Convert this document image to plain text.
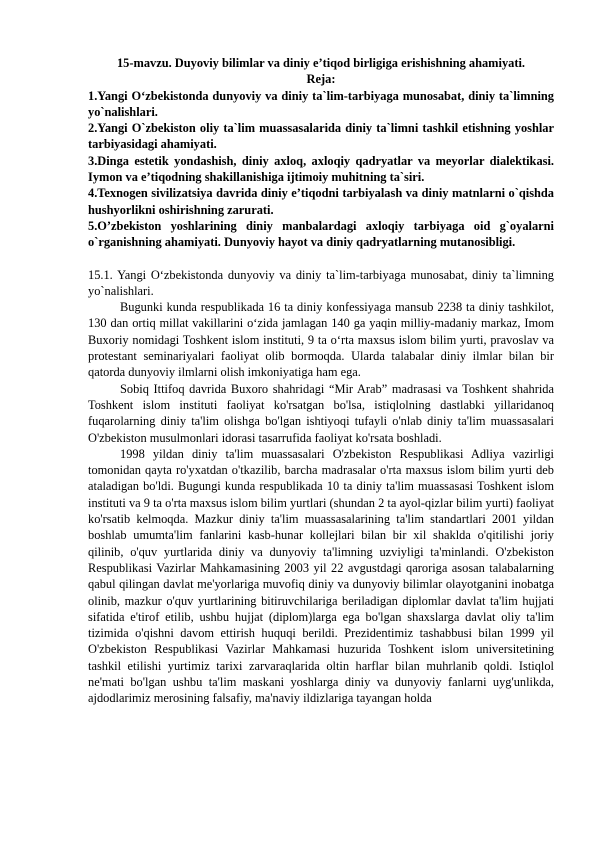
15-mavzu. Duyoviy bilimlar va diniy e’tiqod birligiga erishishning ahamiyati.

Reja:

1.Yangi O‘zbekistonda dunyoviy va diniy ta`lim-tarbiyaga munosabat, diniy ta`limning yo`nalishlari.
2.Yangi O`zbekiston oliy ta`lim muassasalarida diniy ta`limni tashkil etishning yoshlar tarbiyasidagi ahamiyati.
3.Dinga estetik yondashish, diniy axloq, axloqiy qadryatlar va meyorlar dialektikasi. Iymon va e’tiqodning shakillanishiga ijtimoiy muhitning ta`siri.
4.Texnogen sivilizatsiya davrida diniy e’tiqodni tarbiyalash va diniy matnlarni o`qishda hushyorlikni oshirishning zarurati.
5.O’zbekiston yoshlarining diniy manbalardagi axloqiy tarbiyaga oid g`oyalarni o`rganishning ahamiyati. Dunyoviy hayot va diniy qadryatlarning mutanosibligi.

15.1. Yangi O‘zbekistonda dunyoviy va diniy ta`lim-tarbiyaga munosabat, diniy ta`limning yo`nalishlari.

Bugunki kunda respublikada 16 ta diniy konfessiyaga mansub 2238 ta diniy tashkilot, 130 dan ortiq millat vakillarini o‘zida jamlagan 140 ga yaqin milliy-madaniy markaz, Imom Buxoriy nomidagi Toshkent islom instituti, 9 ta o‘rta maxsus islom bilim yurti, pravoslav va protestant seminariyalari faoliyat olib bormoqda. Ularda talabalar diniy ilmlar bilan bir qatorda dunyoviy ilmlarni olish imkoniyatiga ham ega.

Sobiq Ittifoq davrida Buxoro shahridagi “Mir Arab” madrasasi va Toshkent shahrida Toshkent islom instituti faoliyat ko'rsatgan bo'lsa, istiqlolning dastlabki yillaridanoq fuqarolarning diniy ta'lim olishga bo'lgan ishtiyoqi tufayli o'nlab diniy ta'lim muassasalari O'zbekiston musulmonlari idorasi tasarrufida faoliyat ko'rsata boshladi.

1998 yildan diniy ta'lim muassasalari O'zbekiston Respublikasi Adliya vazirligi tomonidan qayta ro'yxatdan o'tkazilib, barcha madrasalar o'rta maxsus islom bilim yurti deb ataladigan bo'ldi. Bugungi kunda respublikada 10 ta diniy ta'lim muassasasi Toshkent islom instituti va 9 ta o'rta maxsus islom bilim yurtlari (shundan 2 ta ayol-qizlar bilim yurti) faoliyat ko'rsatib kelmoqda. Mazkur diniy ta'lim muassasalarining ta'lim standartlari 2001 yildan boshlab umumta'lim fanlarini kasb-hunar kollejlari bilan bir xil shaklda o'qitilishi joriy qilinib, o'quv yurtlarida diniy va dunyoviy ta'limning uzviyligi ta'minlandi. O'zbekiston Respublikasi Vazirlar Mahkamasining 2003 yil 22 avgustdagi qaroriga asosan talabalarning qabul qilingan davlat me'yorlariga muvofiq diniy va dunyoviy bilimlar olayotganini inobatga olinib, mazkur o'quv yurtlarining bitiruvchilariga beriladigan diplomlar davlat ta'lim hujjati sifatida e'tirof etilib, ushbu hujjat (diplom)larga ega bo'lgan shaxslarga davlat oliy ta'lim tizimida o'qishni davom ettirish huquqi berildi. Prezidentimiz tashabbusi bilan 1999 yil O'zbekiston Respublikasi Vazirlar Mahkamasi huzurida Toshkent islom universitetining tashkil etilishi yurtimiz tarixi zarvaraqlarida oltin harflar bilan muhrlanib qoldi. Istiqlol ne'mati bo'lgan ushbu ta'lim maskani yoshlarga diniy va dunyoviy fanlarni uyg'unlikda, ajdodlarimiz merosining falsafiy, ma'naviy ildizlariga tayangan holda
